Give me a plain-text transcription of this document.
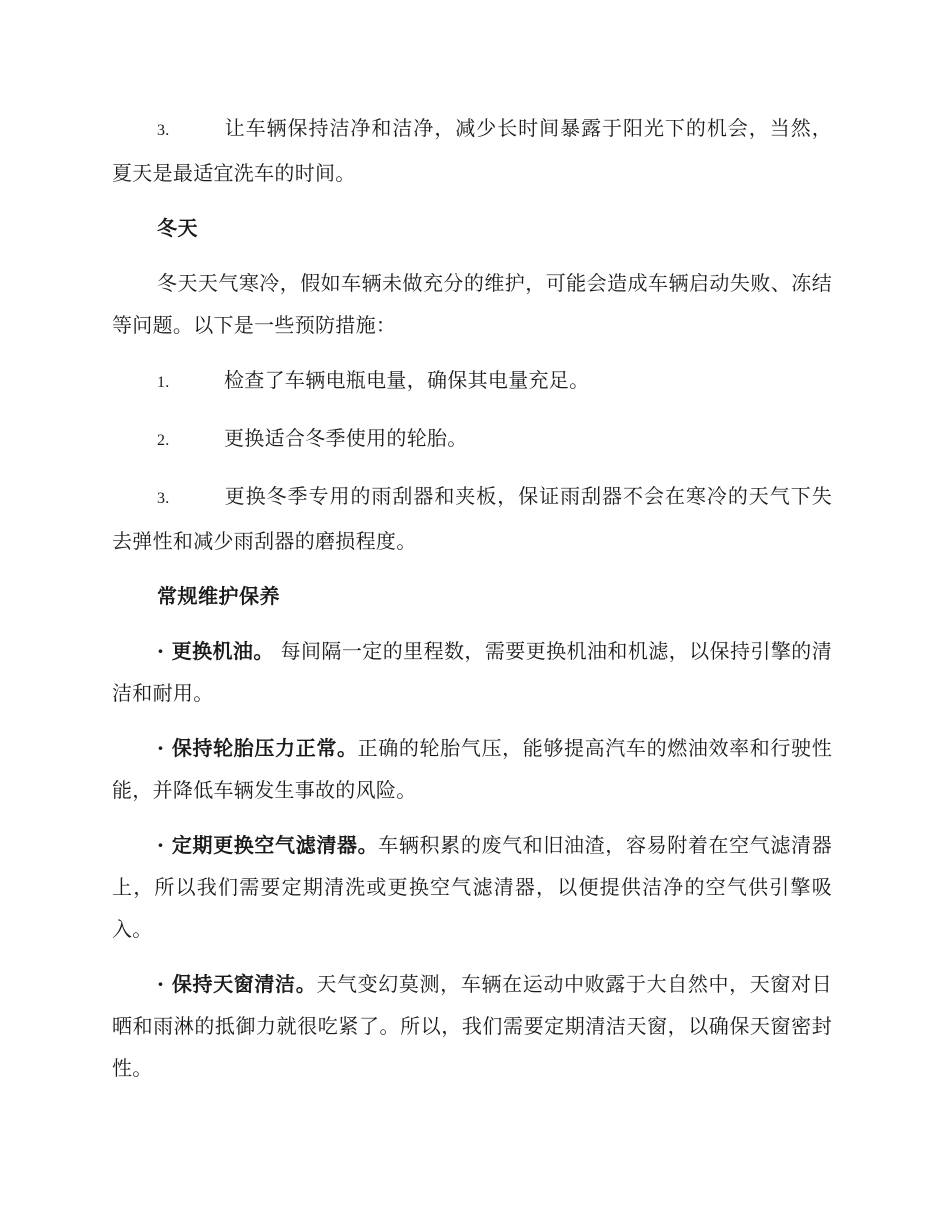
3.	让车辆保持洁净和洁净，减少长时间暴露于阳光下的机会，当然，夏天是最适宜洗车的时间。

冬天

冬天天气寒冷，假如车辆未做充分的维护，可能会造成车辆启动失败、冻结等问题。以下是一些预防措施：

1.	检查了车辆电瓶电量，确保其电量充足。

2.	更换适合冬季使用的轮胎。

3.	更换冬季专用的雨刮器和夹板，保证雨刮器不会在寒冷的天气下失去弹性和减少雨刮器的磨损程度。

常规维护保养

· 更换机油。 每间隔一定的里程数，需要更换机油和机滤，以保持引擎的清洁和耐用。

· 保持轮胎压力正常。正确的轮胎气压，能够提高汽车的燃油效率和行驶性能，并降低车辆发生事故的风险。

· 定期更换空气滤清器。车辆积累的废气和旧油渣，容易附着在空气滤清器上，所以我们需要定期清洗或更换空气滤清器，以便提供洁净的空气供引擎吸入。

· 保持天窗清洁。天气变幻莫测，车辆在运动中败露于大自然中，天窗对日晒和雨淋的抵御力就很吃紧了。所以，我们需要定期清洁天窗，以确保天窗密封性。
